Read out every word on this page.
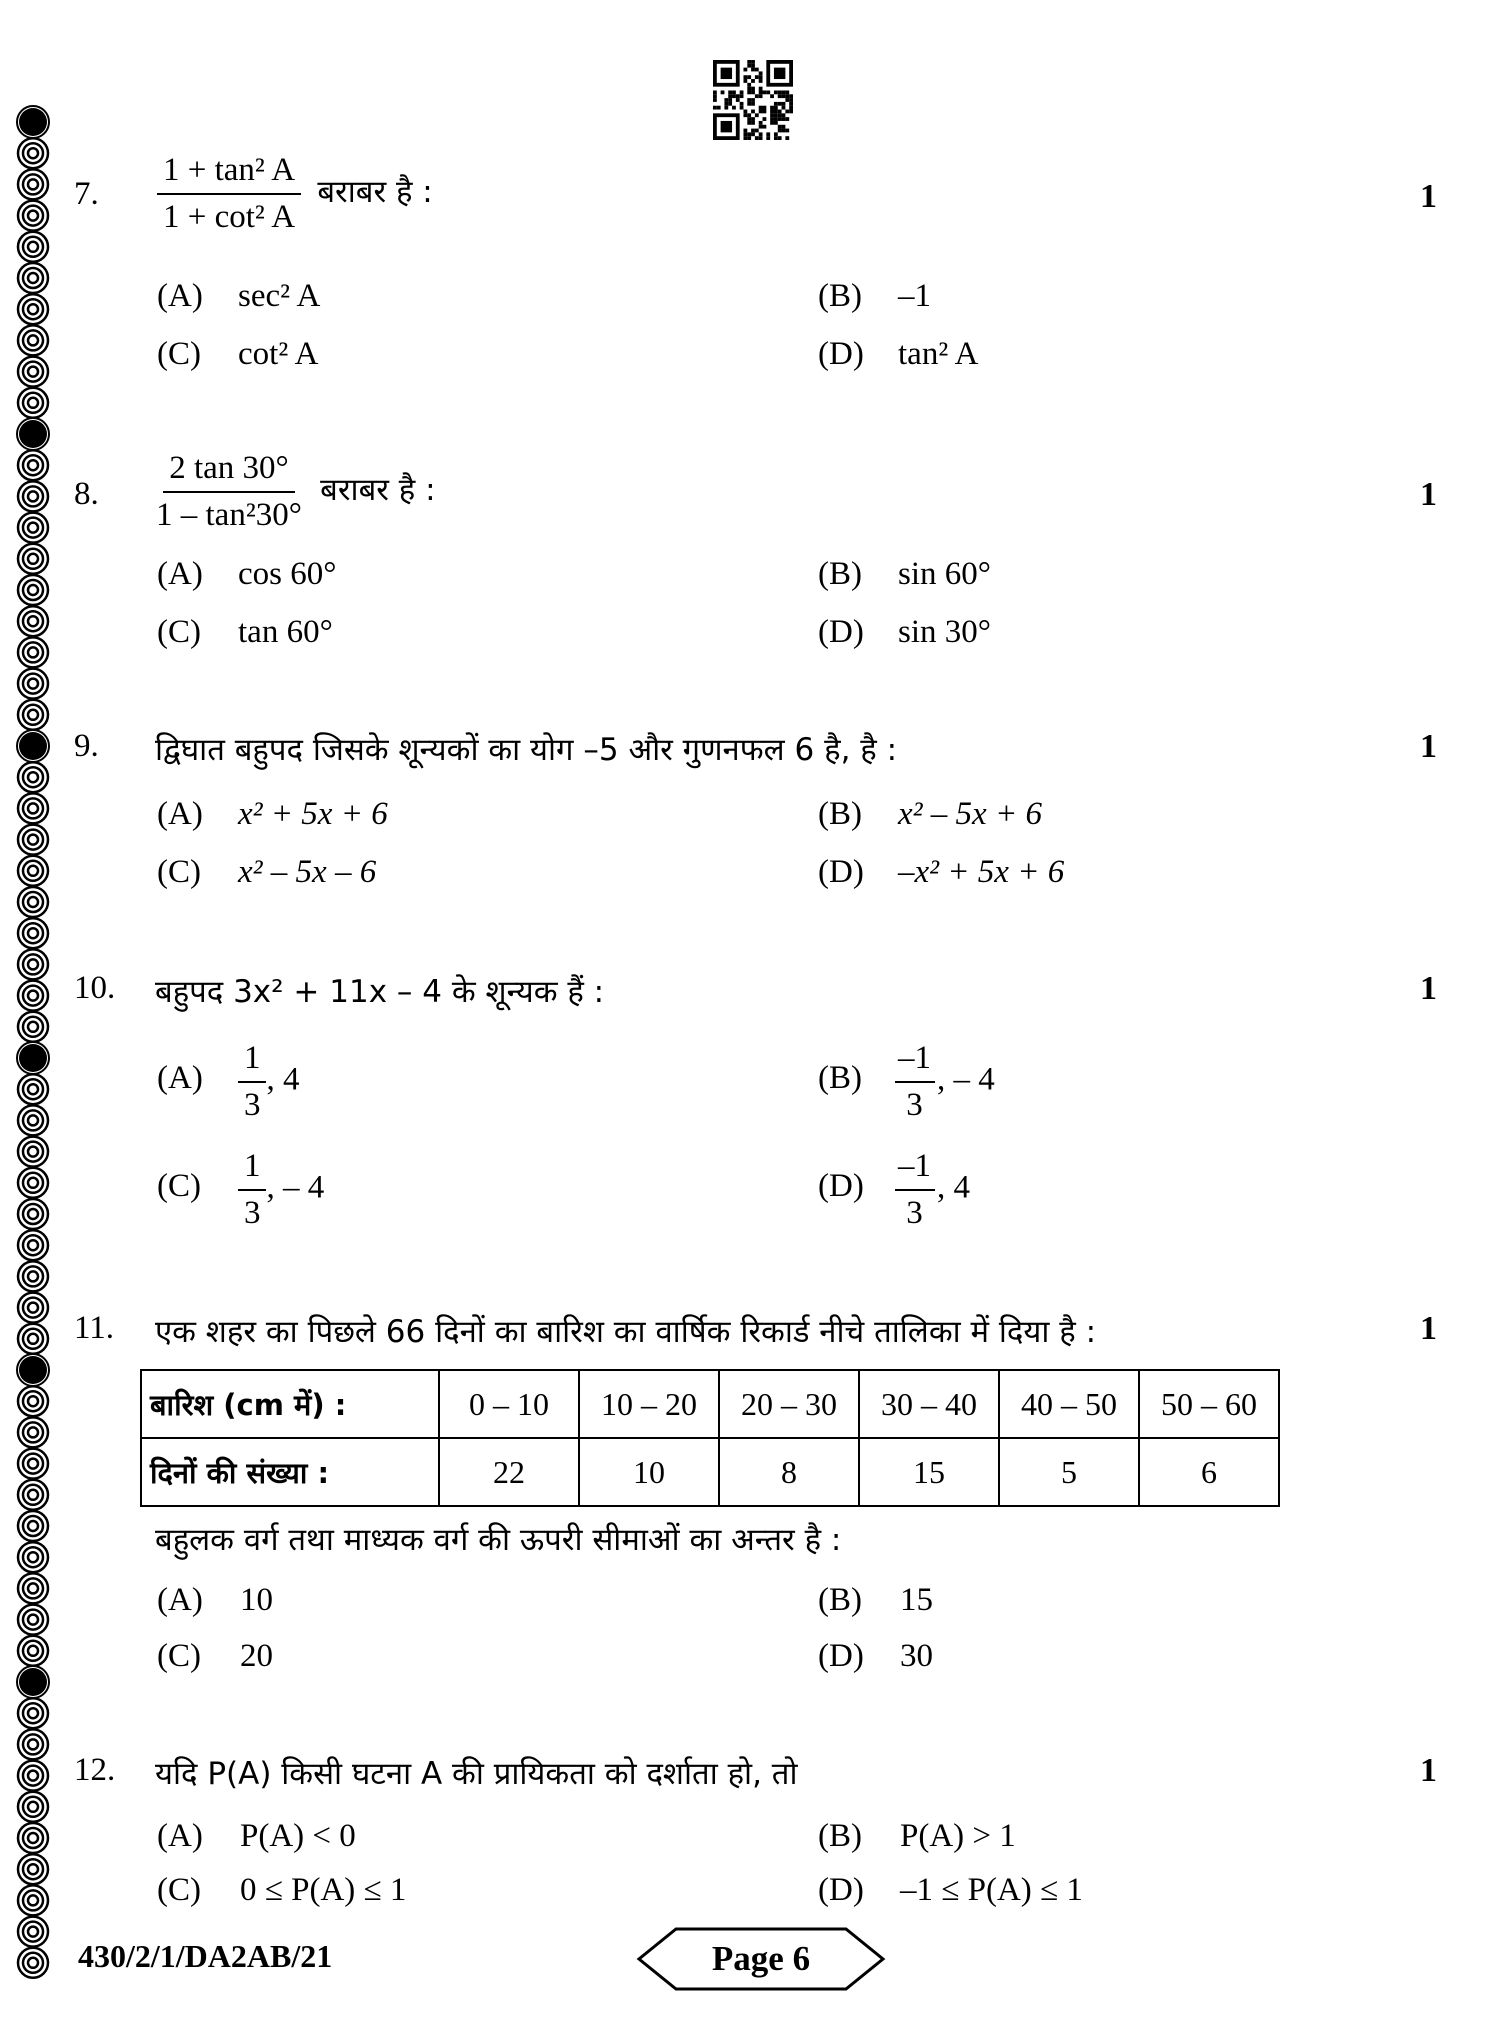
7. $\frac{\text{1 + tan² A}}{\text{1 + cot² A}}$ बराबर है :	1
(A) sec² A	(B) –1
(C) cot² A	(D) tan² A
8. $\frac{2 \tan 30^\circ}{\text{1 – tan²30°}}$ बराबर है :	1
(A) cos 60°	(B) sin 60°
(C) tan 60°	(D) sin 30°
9. द्विघात बहुपद जिसके शून्यकों का योग –5 और गुणनफल 6 है, है :	1
(A) x² + 5x + 6	(B) x² – 5x + 6
(C) x² – 5x – 6	(D) –x² + 5x + 6
10. बहुपद 3x² + 11x – 4 के शून्यक हैं :	1
$(A) \frac{1}{3}$ , 4	$(B) \frac{-1}{3}$ , – 4
$(C) \frac{1}{3}$ , – 4	$(D) \frac{-1}{3}$ , 4
11. एक शहर का पिछले 66 दिनों का बारिश का वार्षिक रिकार्ड नीचे तालिका में दिया है :	1
बारिश (cm में) :	0 – 10	10 – 20	20 – 30	30 – 40	40 – 50	50 – 60
दिनों की संख्या :	22	10	8	15	5	6
बहुलक वर्ग तथा माध्यक वर्ग की ऊपरी सीमाओं का अन्तर है :
(A) 10	(B) 15
(C) 20	(D) 30
12. यदि P(A) किसी घटना A की प्रायिकता को दर्शाता हो, तो	1
(A) P(A) < 0	(B) P(A) > 1
(C) 0 ≤ P(A) ≤ 1	(D) –1 ≤ P(A) ≤ 1
430/2/1/DA2AB/21	Page 6
